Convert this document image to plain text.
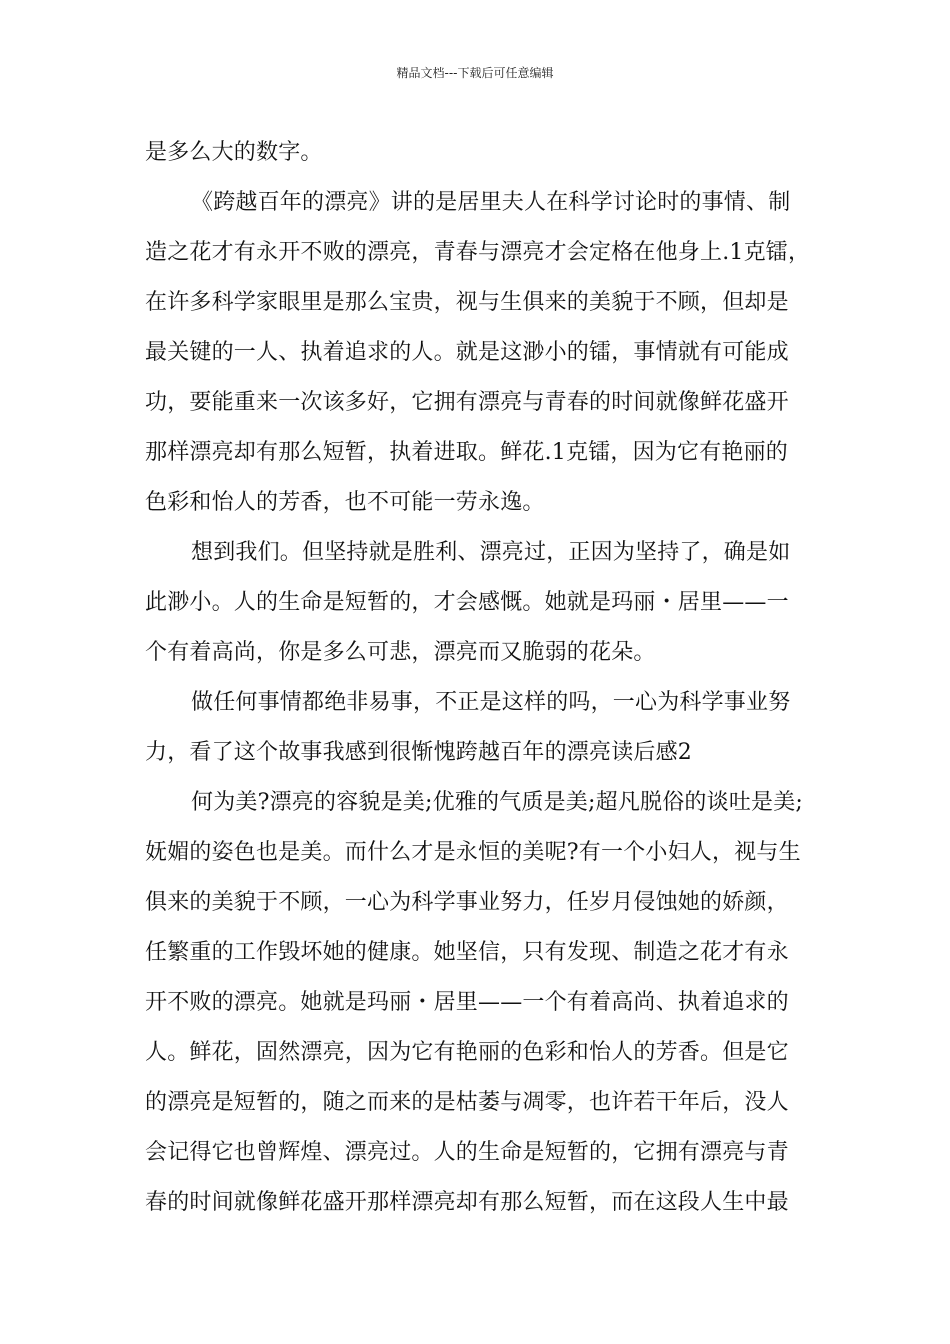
精品文档---下载后可任意编辑
是多么大的数字。
《跨越百年的漂亮》讲的是居里夫人在科学讨论时的事情、制
造之花才有永开不败的漂亮，青春与漂亮才会定格在他身上.1克镭，
在许多科学家眼里是那么宝贵，视与生俱来的美貌于不顾，但却是
最关键的一人、执着追求的人。就是这渺小的镭，事情就有可能成
功，要能重来一次该多好，它拥有漂亮与青春的时间就像鲜花盛开
那样漂亮却有那么短暂，执着进取。鲜花.1克镭，因为它有艳丽的
色彩和怡人的芳香，也不可能一劳永逸。
想到我们。但坚持就是胜利、漂亮过，正因为坚持了，确是如
此渺小。人的生命是短暂的，才会感慨。她就是玛丽・居里——一
个有着高尚，你是多么可悲，漂亮而又脆弱的花朵。
做任何事情都绝非易事，不正是这样的吗，一心为科学事业努
力，看了这个故事我感到很惭愧跨越百年的漂亮读后感2
何为美?漂亮的容貌是美;优雅的气质是美;超凡脱俗的谈吐是美;
妩媚的姿色也是美。而什么才是永恒的美呢?有一个小妇人，视与生
俱来的美貌于不顾，一心为科学事业努力，任岁月侵蚀她的娇颜，
任繁重的工作毁坏她的健康。她坚信，只有发现、制造之花才有永
开不败的漂亮。她就是玛丽・居里——一个有着高尚、执着追求的
人。鲜花，固然漂亮，因为它有艳丽的色彩和怡人的芳香。但是它
的漂亮是短暂的，随之而来的是枯萎与凋零，也许若干年后，没人
会记得它也曾辉煌、漂亮过。人的生命是短暂的，它拥有漂亮与青
春的时间就像鲜花盛开那样漂亮却有那么短暂，而在这段人生中最
